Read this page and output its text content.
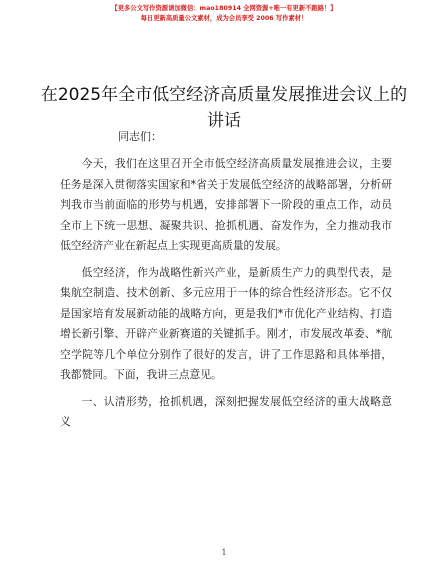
【更多公文写作资源请加微信：mao180914 全网资源+唯一有更新不跑路！】
每日更新高质量公文素材，成为会员享受 2006 写作素材！
在2025年全市低空经济高质量发展推进会议上的讲话
同志们：

今天，我们在这里召开全市低空经济高质量发展推进会议，主要任务是深入贯彻落实国家和*省关于发展低空经济的战略部署，分析研判我市当前面临的形势与机遇，安排部署下一阶段的重点工作，动员全市上下统一思想、凝聚共识、抢抓机遇、奋发作为，全力推动我市低空经济产业在新起点上实现更高质量的发展。

低空经济，作为战略性新兴产业，是新质生产力的典型代表，是集航空制造、技术创新、多元应用于一体的综合性经济形态。它不仅是国家培育发展新动能的战略方向，更是我们*市优化产业结构、打造增长新引擎、开辟产业新赛道的关键抓手。刚才，市发展改革委、*航空学院等几个单位分别作了很好的发言，讲了工作思路和具体举措，我都赞同。下面，我讲三点意见。

一、认清形势，抢抓机遇，深刻把握发展低空经济的重大战略意义

1
